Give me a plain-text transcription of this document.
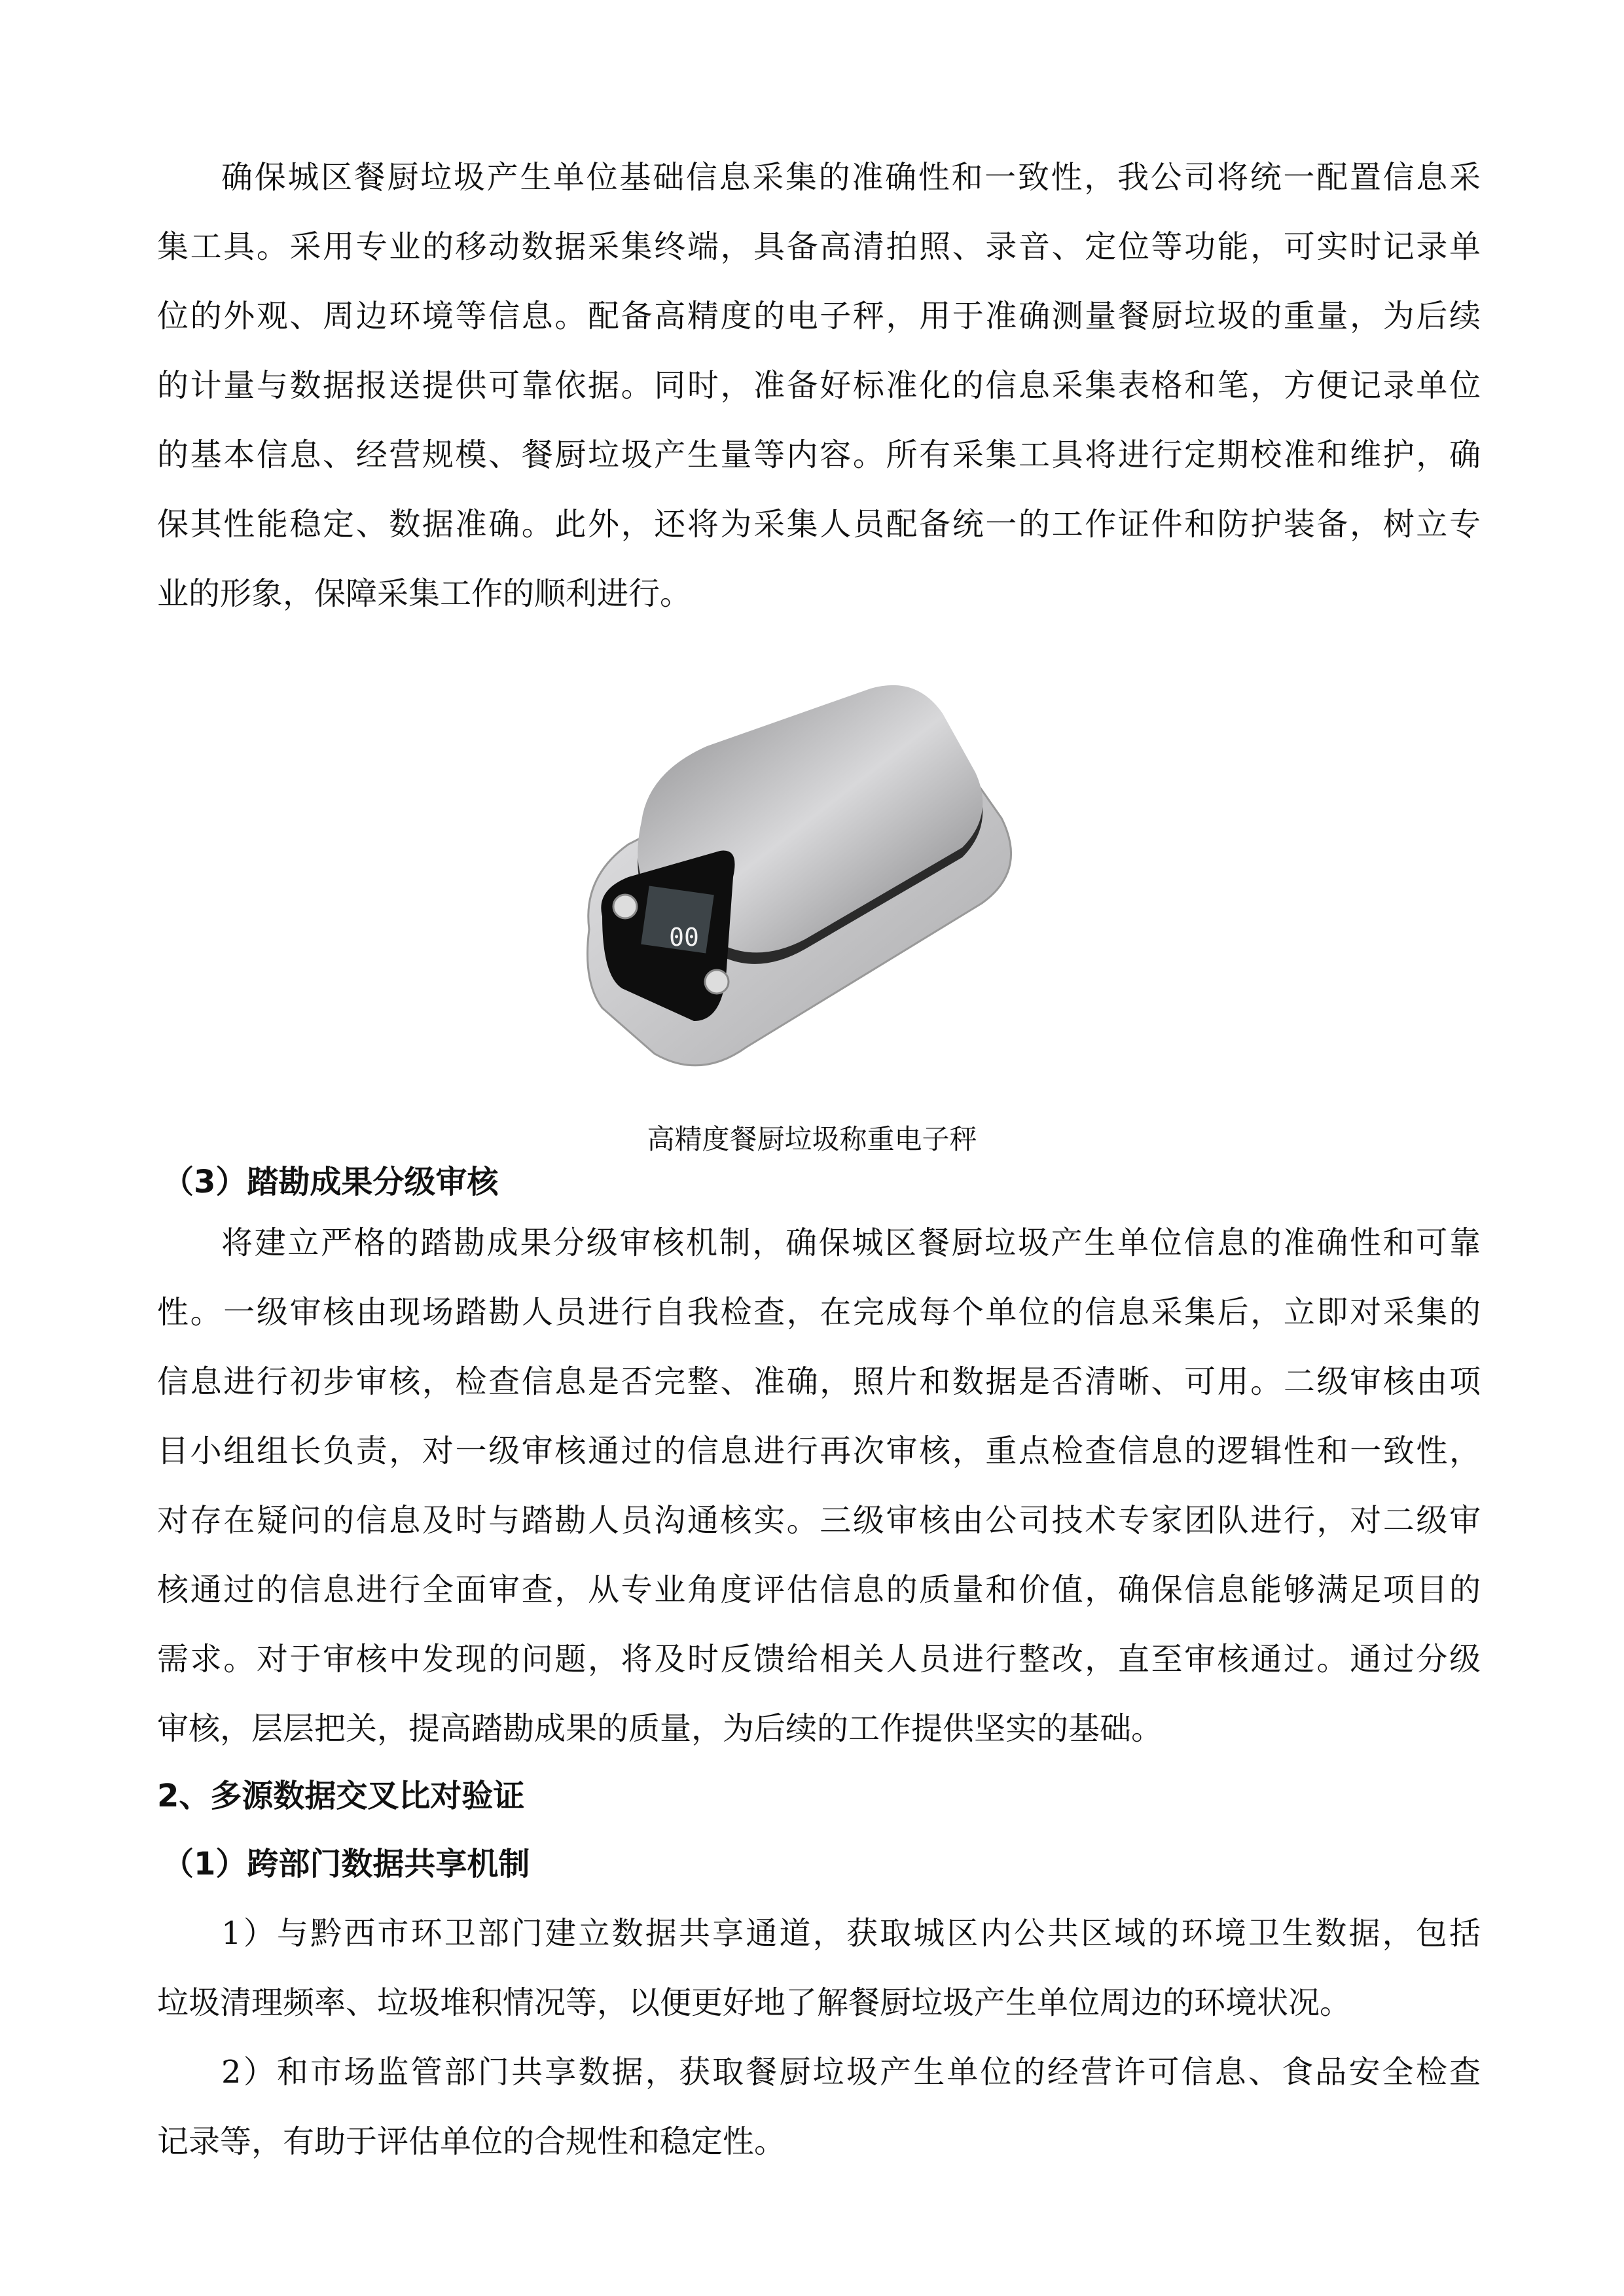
确保城区餐厨垃圾产生单位基础信息采集的准确性和一致性，我公司将统一配置信息采
集工具。采用专业的移动数据采集终端，具备高清拍照、录音、定位等功能，可实时记录单
位的外观、周边环境等信息。配备高精度的电子秤，用于准确测量餐厨垃圾的重量，为后续
的计量与数据报送提供可靠依据。同时，准备好标准化的信息采集表格和笔，方便记录单位
的基本信息、经营规模、餐厨垃圾产生量等内容。所有采集工具将进行定期校准和维护，确
保其性能稳定、数据准确。此外，还将为采集人员配备统一的工作证件和防护装备，树立专
业的形象，保障采集工作的顺利进行。
00
高精度餐厨垃圾称重电子秤
（3）踏勘成果分级审核
将建立严格的踏勘成果分级审核机制，确保城区餐厨垃圾产生单位信息的准确性和可靠
性。一级审核由现场踏勘人员进行自我检查，在完成每个单位的信息采集后，立即对采集的
信息进行初步审核，检查信息是否完整、准确，照片和数据是否清晰、可用。二级审核由项
目小组组长负责，对一级审核通过的信息进行再次审核，重点检查信息的逻辑性和一致性，
对存在疑问的信息及时与踏勘人员沟通核实。三级审核由公司技术专家团队进行，对二级审
核通过的信息进行全面审查，从专业角度评估信息的质量和价值，确保信息能够满足项目的
需求。对于审核中发现的问题，将及时反馈给相关人员进行整改，直至审核通过。通过分级
审核，层层把关，提高踏勘成果的质量，为后续的工作提供坚实的基础。
2、多源数据交叉比对验证
（1）跨部门数据共享机制
1）与黔西市环卫部门建立数据共享通道，获取城区内公共区域的环境卫生数据，包括
垃圾清理频率、垃圾堆积情况等，以便更好地了解餐厨垃圾产生单位周边的环境状况。
2）和市场监管部门共享数据，获取餐厨垃圾产生单位的经营许可信息、食品安全检查
记录等，有助于评估单位的合规性和稳定性。
